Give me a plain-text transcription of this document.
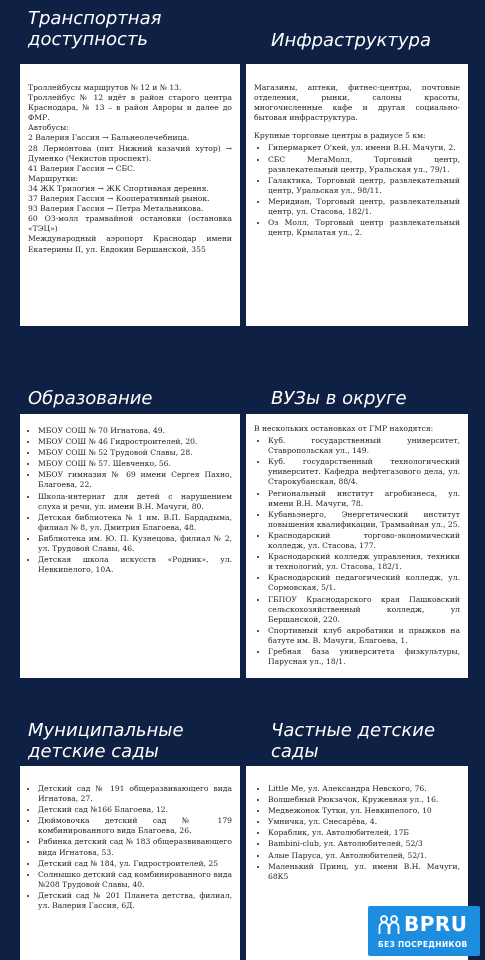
Транспортная доступность	Инфраструктура

Троллейбусы маршрутов № 12 и № 13.

Троллейбус № 12 идёт в район старого центра Краснодара, № 13 – в район Авроры и далее до ФМР.

Автобусы:

2 Валерия Гассия → Бальнеолечебница.

28 Лермонтова (пит Нижний казачий хутор) → Думенко (Чекистов проспект).

41 Валерия Гассия → СБС.

Маршрутки:

34 ЖК Трилогия → ЖК Спортивная деревня.

37 Валерия Гассия → Кооперативный рынок.

93 Валерия Гассия → Петра Метальникова.

60 ОЗ-молл трамвайной остановки (остановка «ТЭЦ»)

Международный аэропорт Краснодар имени Екатерины II, ул. Евдокии Бершанской, 355

Магазины, аптеки, фитнес-центры, почтовые отделения, рынки, салоны красоты, многочисленные кафе и другая социально-бытовая инфраструктура.

Крупные торговые центры в радиусе 5 км:

• Гипермаркет О'кей, ул. имени В.Н. Мачуги, 2.
• СБС МегаМолл, Торговый центр, развлекательный центр, Уральская ул., 79/1.
• Галактика, Торговый центр, развлекательный центр, Уральская ул., 98/11.
• Меридиан, Торговый центр, развлекательный центр, ул. Стасова, 182/1.
• Оз Молл, Торговый центр развлекательный центр, Крылатая ул., 2.
Образование	ВУЗы в округе
• МБОУ СОШ № 70 Игнатова, 49.
• МБОУ СОШ № 46 Гидростроителей, 20.
• МБОУ СОШ № 52 Трудовой Славы, 28.
• МБОУ СОШ № 57. Шевченко, 56.
• МБОУ гимназия № 69 имени Сергея Пахно, Благоева, 22.
• Школа-интернат для детей с нарушением слуха и речи, ул. имени В.Н. Мачуги, 80.
• Детская библиотека № 1 им. В.П. Бардадыма, филиал № 8, ул. Дмитрия Благоева, 48.
• Библиотека им. Ю. П. Кузнецова, филиал № 2, ул. Трудовой Славы, 46.
• Детская школа искусств «Родник», ул. Невкипелого, 10А.

В нескольких остановках от ГМР находятся:

• Куб. государственный университет, Ставропольская ул., 149.
• Куб. государственный технологический университет. Кафедра нефтегазового дела, ул. Старокубанская, 88/4.
• Региональный институт агробизнеса, ул. имени В.Н. Мачуги, 78.
• Кубаньэнерго, Энергетический институт повышения квалификации, Трамвайная ул., 25.
• Краснодарский торгово-экономический колледж, ул. Стасова, 177.
• Краснодарский колледж управления, техники и технологий, ул. Стасова, 182/1.
• Краснодарский педагогический колледж, ул. Сормовская, 5/1.
• ГБПОУ Краснодарского края Пашковский сельскохозяйственный колледж, ул Бершанской, 220.
• Спортивный клуб акробатики и прыжков на батуте им. В. Мачуги, Благоева, 1.
• Гребная база университета физкультуры, Парусная ул., 18/1.
Муниципальные детские сады
Частные детские сады
• Детский сад № 191 общеразвивающего вида Игнатова, 27.
• Детский сад №166 Благоева, 12.
• Дюймовочка детский сад № 179 комбинированного вида Благоева, 26.
• Рябинка детский сад № 183 общеразвивающего вида Игнатова, 53.
• Детский сад № 184, ул. Гидростроителей, 25
• Солнышко детский сад комбинированного вида №208 Трудовой Славы, 40.
• Детский сад № 201 Планета детства, филиал, ул. Валерия Гассия, 6Д.
• Little Me, ул. Александра Невского, 76.
• Волшебный Рюкзачок, Кружевная ул., 16.
• Медвежонок Тутки, ул. Невкипелого, 10
• Умничка, ул. Снесарёва, 4.
• Кораблик, ул. Автолюбителей, 17Б
• Bambini-club, ул. Автолюбителей, 52/3
• Алые Паруса, ул. Автолюбителей, 52/1.
• Маленький Принц, ул. имени В.Н. Мачуги, 68К5
BPRU
БЕЗ ПОСРЕДНИКОВ
